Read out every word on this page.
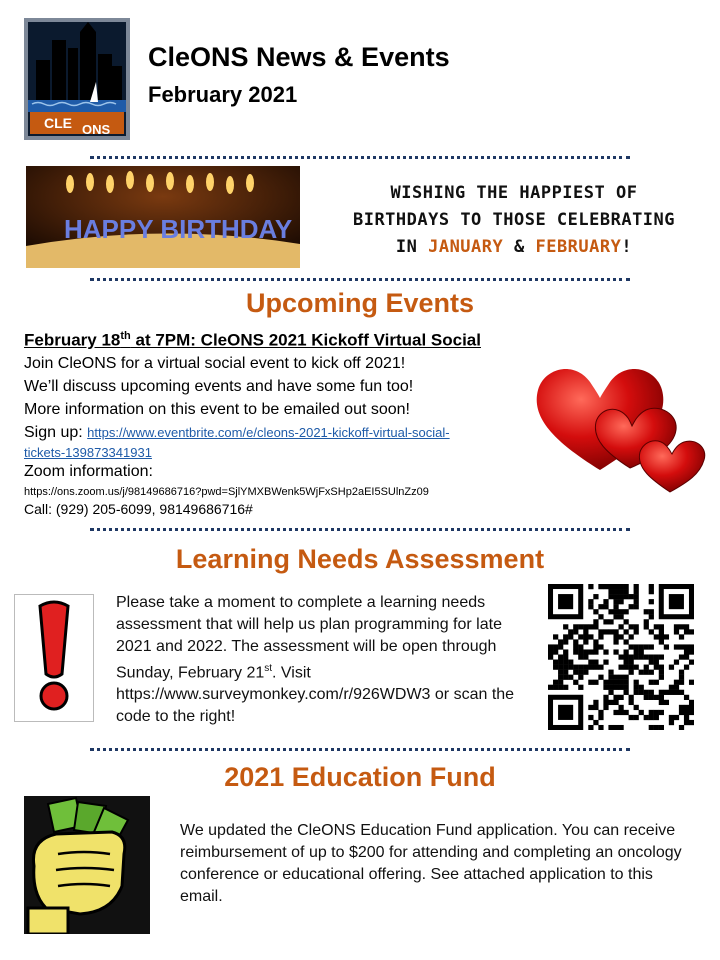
CLE ONS
CleONS News & Events
February 2021
HAPPY BIRTHDAY
WISHING THE HAPPIEST OF
BIRTHDAYS TO THOSE CELEBRATING
IN JANUARY & FEBRUARY!
Upcoming Events
February 18th at 7PM: CleONS 2021 Kickoff Virtual Social
Join CleONS for a virtual social event to kick off 2021!
We’ll discuss upcoming events and have some fun too!
More information on this event to be emailed out soon!
Sign up: https://www.eventbrite.com/e/cleons-2021-kickoff-virtual-social-
tickets-139873341931
Zoom information:
https://ons.zoom.us/j/98149686716?pwd=SjlYMXBWenk5WjFxSHp2aEI5SUlnZz09
Call: (929) 205-6099, 98149686716#
Learning Needs Assessment
Please take a moment to complete a learning needs assessment that will help us plan programming for late 2021 and 2022. The assessment will be open through Sunday, February 21st. Visit https://www.surveymonkey.com/r/926WDW3 or scan the code to the right!
2021 Education Fund
We updated the CleONS Education Fund application. You can receive reimbursement of up to $200 for attending and completing an oncology conference or educational offering. See attached application to this email.
